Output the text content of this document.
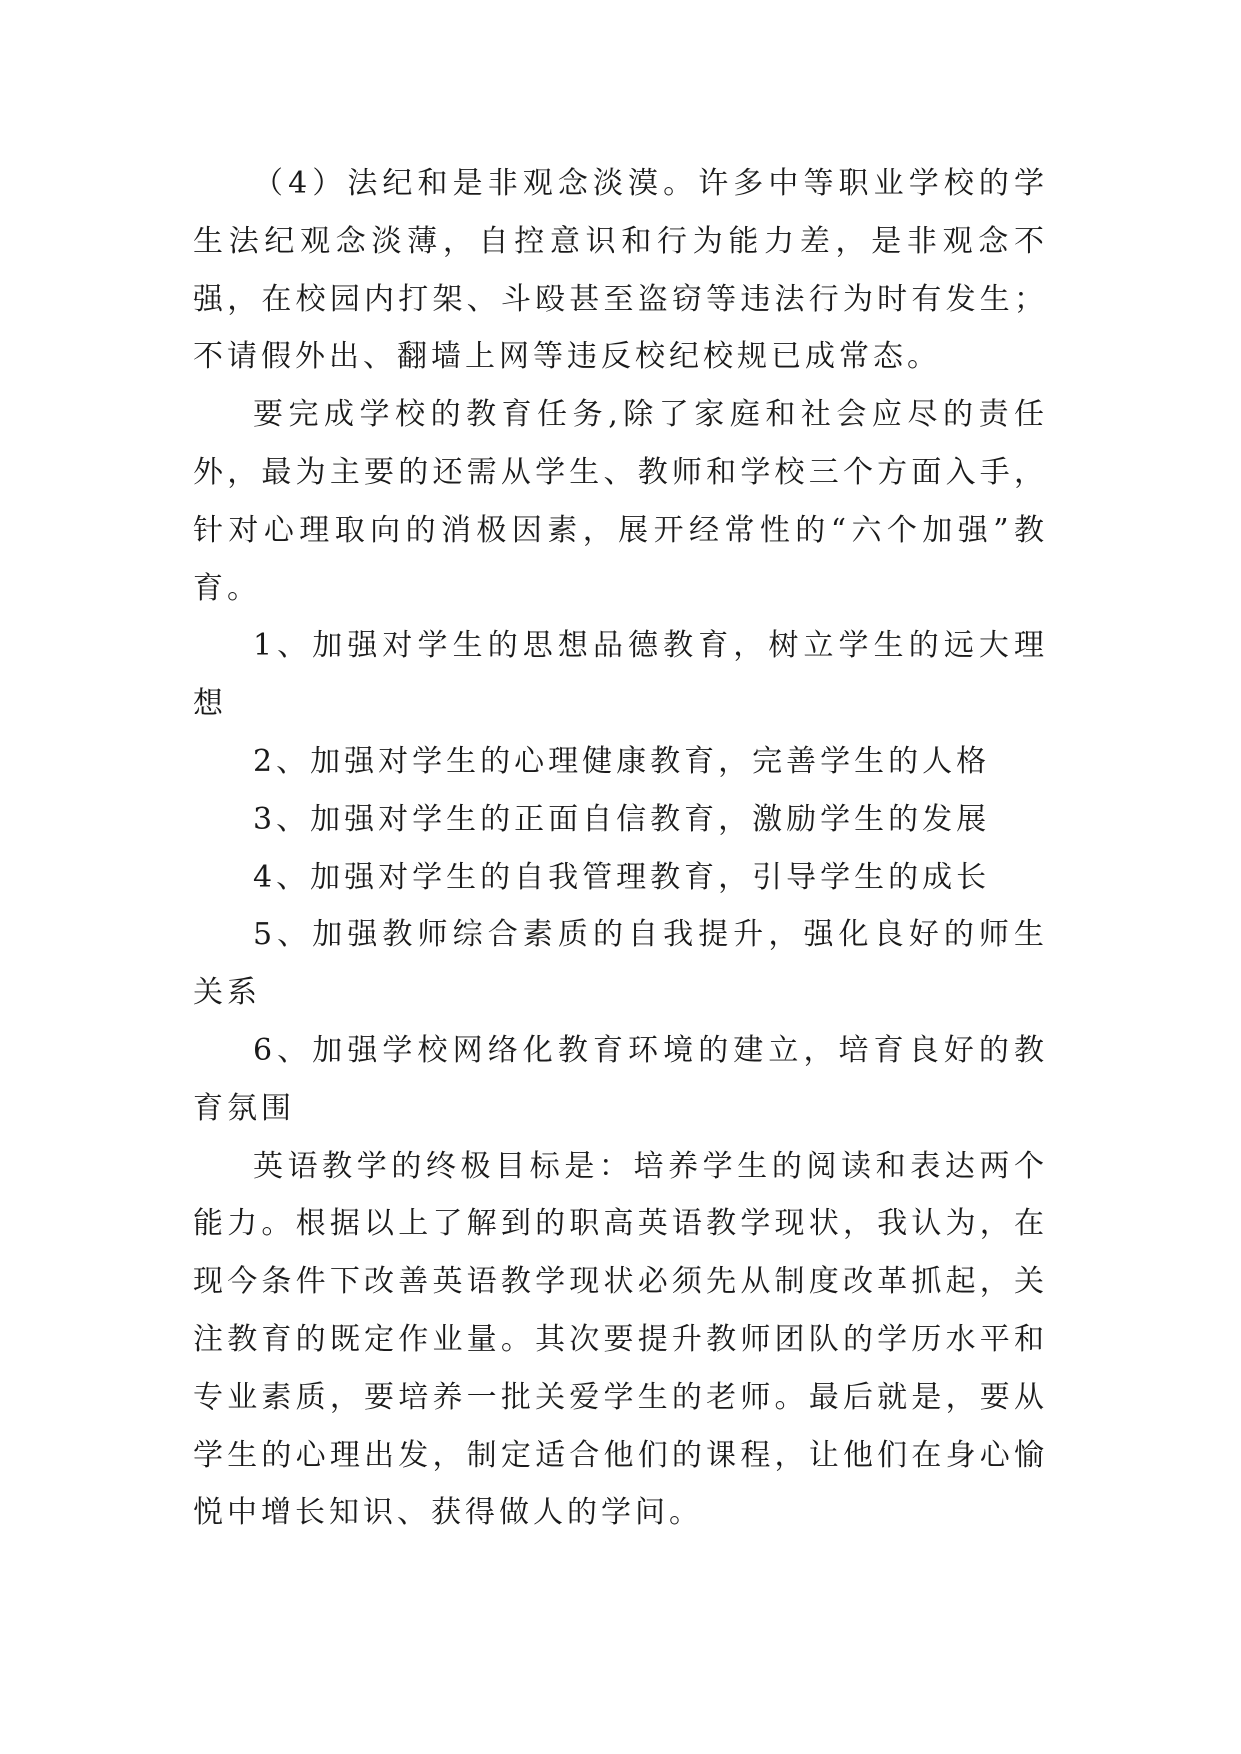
（4）法纪和是非观念淡漠。许多中等职业学校的学生法纪观念淡薄，自控意识和行为能力差，是非观念不强，在校园内打架、斗殴甚至盗窃等违法行为时有发生；不请假外出、翻墙上网等违反校纪校规已成常态。

要完成学校的教育任务,除了家庭和社会应尽的责任外，最为主要的还需从学生、教师和学校三个方面入手，针对心理取向的消极因素，展开经常性的“六个加强”教育。

1、加强对学生的思想品德教育，树立学生的远大理想

2、加强对学生的心理健康教育，完善学生的人格

3、加强对学生的正面自信教育，激励学生的发展

4、加强对学生的自我管理教育，引导学生的成长

5、加强教师综合素质的自我提升，强化良好的师生关系

6、加强学校网络化教育环境的建立，培育良好的教育氛围

英语教学的终极目标是：培养学生的阅读和表达两个能力。根据以上了解到的职高英语教学现状，我认为，在现今条件下改善英语教学现状必须先从制度改革抓起，关注教育的既定作业量。其次要提升教师团队的学历水平和专业素质，要培养一批关爱学生的老师。最后就是，要从学生的心理出发，制定适合他们的课程，让他们在身心愉悦中增长知识、获得做人的学问。
